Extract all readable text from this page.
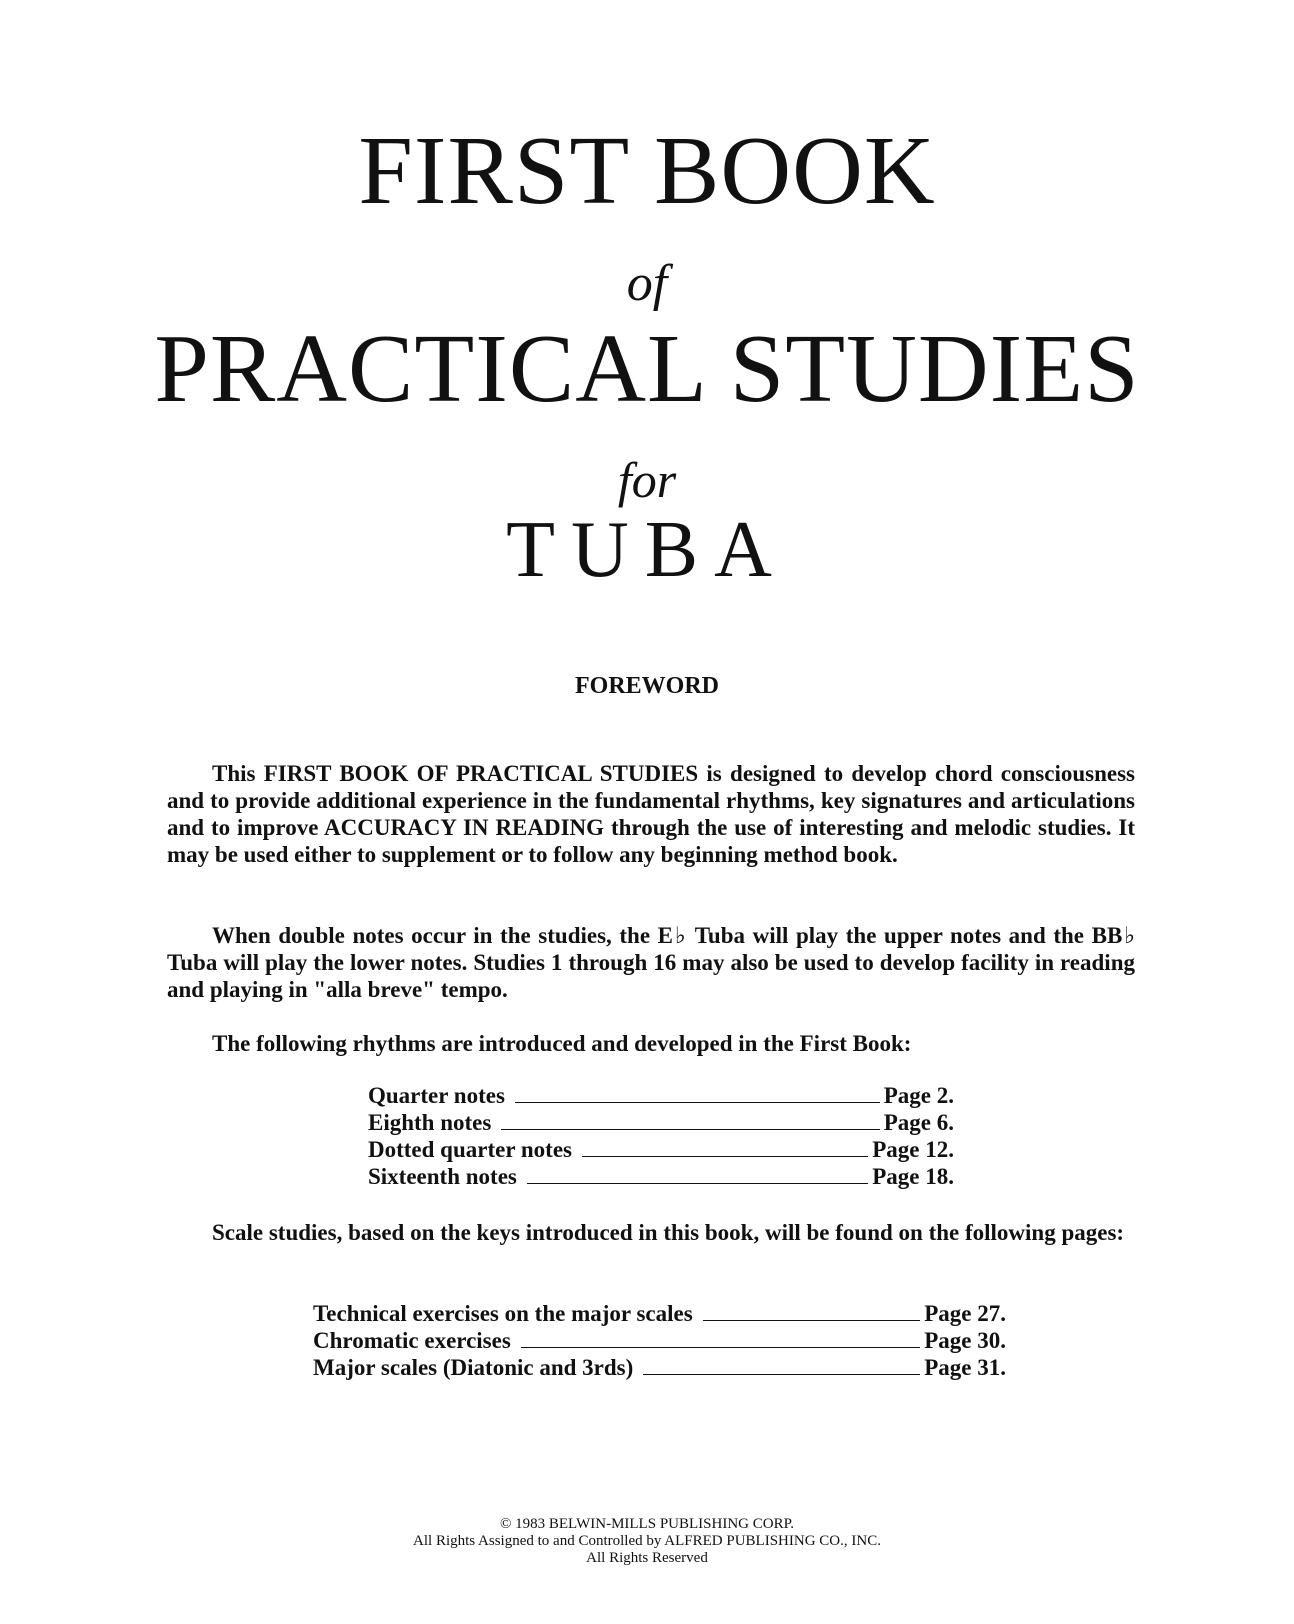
FIRST BOOK
of
PRACTICAL STUDIES
for
TUBA
FOREWORD

This FIRST BOOK OF PRACTICAL STUDIES is designed to develop chord consciousness and to provide additional experience in the fundamental rhythms, key signatures and articulations and to improve ACCURACY IN READING through the use of interesting and melodic studies. It may be used either to supplement or to follow any beginning method book.

When double notes occur in the studies, the E♭ Tuba will play the upper notes and the BB♭ Tuba will play the lower notes. Studies 1 through 16 may also be used to develop facility in reading and playing in "alla breve" tempo.

The following rhythms are introduced and developed in the First Book:

Quarter notes	Page 2.
Eighth notes	Page 6.
Dotted quarter notes	Page 12.
Sixteenth notes	Page 18.

Scale studies, based on the keys introduced in this book, will be found on the following pages:

Technical exercises on the major scales	Page 27.
Chromatic exercises	Page 30.
Major scales (Diatonic and 3rds)	Page 31.
© 1983 BELWIN-MILLS PUBLISHING CORP.
All Rights Assigned to and Controlled by ALFRED PUBLISHING CO., INC.
All Rights Reserved
